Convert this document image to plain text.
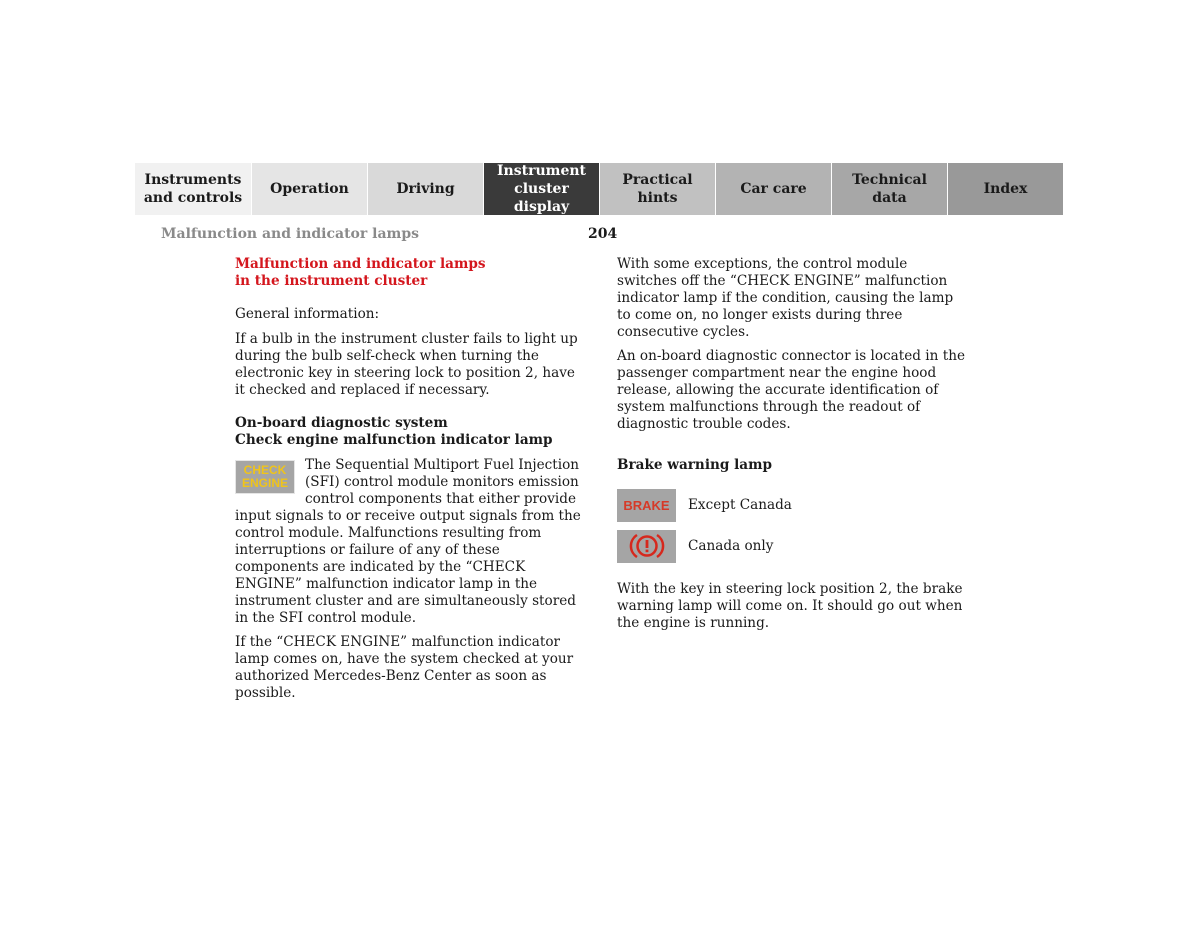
Instruments
and controls
Operation	Driving
Instrument
cluster display
Practical hints
Car care
Technical
data
Index
Malfunction and indicator lamps	204

Malfunction and indicator lamps
in the instrument cluster

General information:

If a bulb in the instrument cluster fails to light up during the bulb self-check when turning the electronic key in steering lock to position 2, have it checked and replaced if necessary.

On-board diagnostic system

Check engine malfunction indicator lamp

CHECK
ENGINE

The Sequential Multiport Fuel Injection (SFI) control module monitors emission control components that either provide input signals to or receive output signals from the control module. Malfunctions resulting from interruptions or failure of any of these components are indicated by the “CHECK ENGINE” malfunction indicator lamp in the instrument cluster and are simultaneously stored in the SFI control module.

If the “CHECK ENGINE” malfunction indicator lamp comes on, have the system checked at your authorized Mercedes-Benz Center as soon as possible.

With some exceptions, the control module switches off the “CHECK ENGINE” malfunction indicator lamp if the condition, causing the lamp to come on, no longer exists during three consecutive cycles.

An on-board diagnostic connector is located in the passenger compartment near the engine hood release, allowing the accurate identification of system malfunctions through the readout of diagnostic trouble codes.

Brake warning lamp

BRAKE	Except Canada
Canada only

With the key in steering lock position 2, the brake warning lamp will come on. It should go out when the engine is running.
